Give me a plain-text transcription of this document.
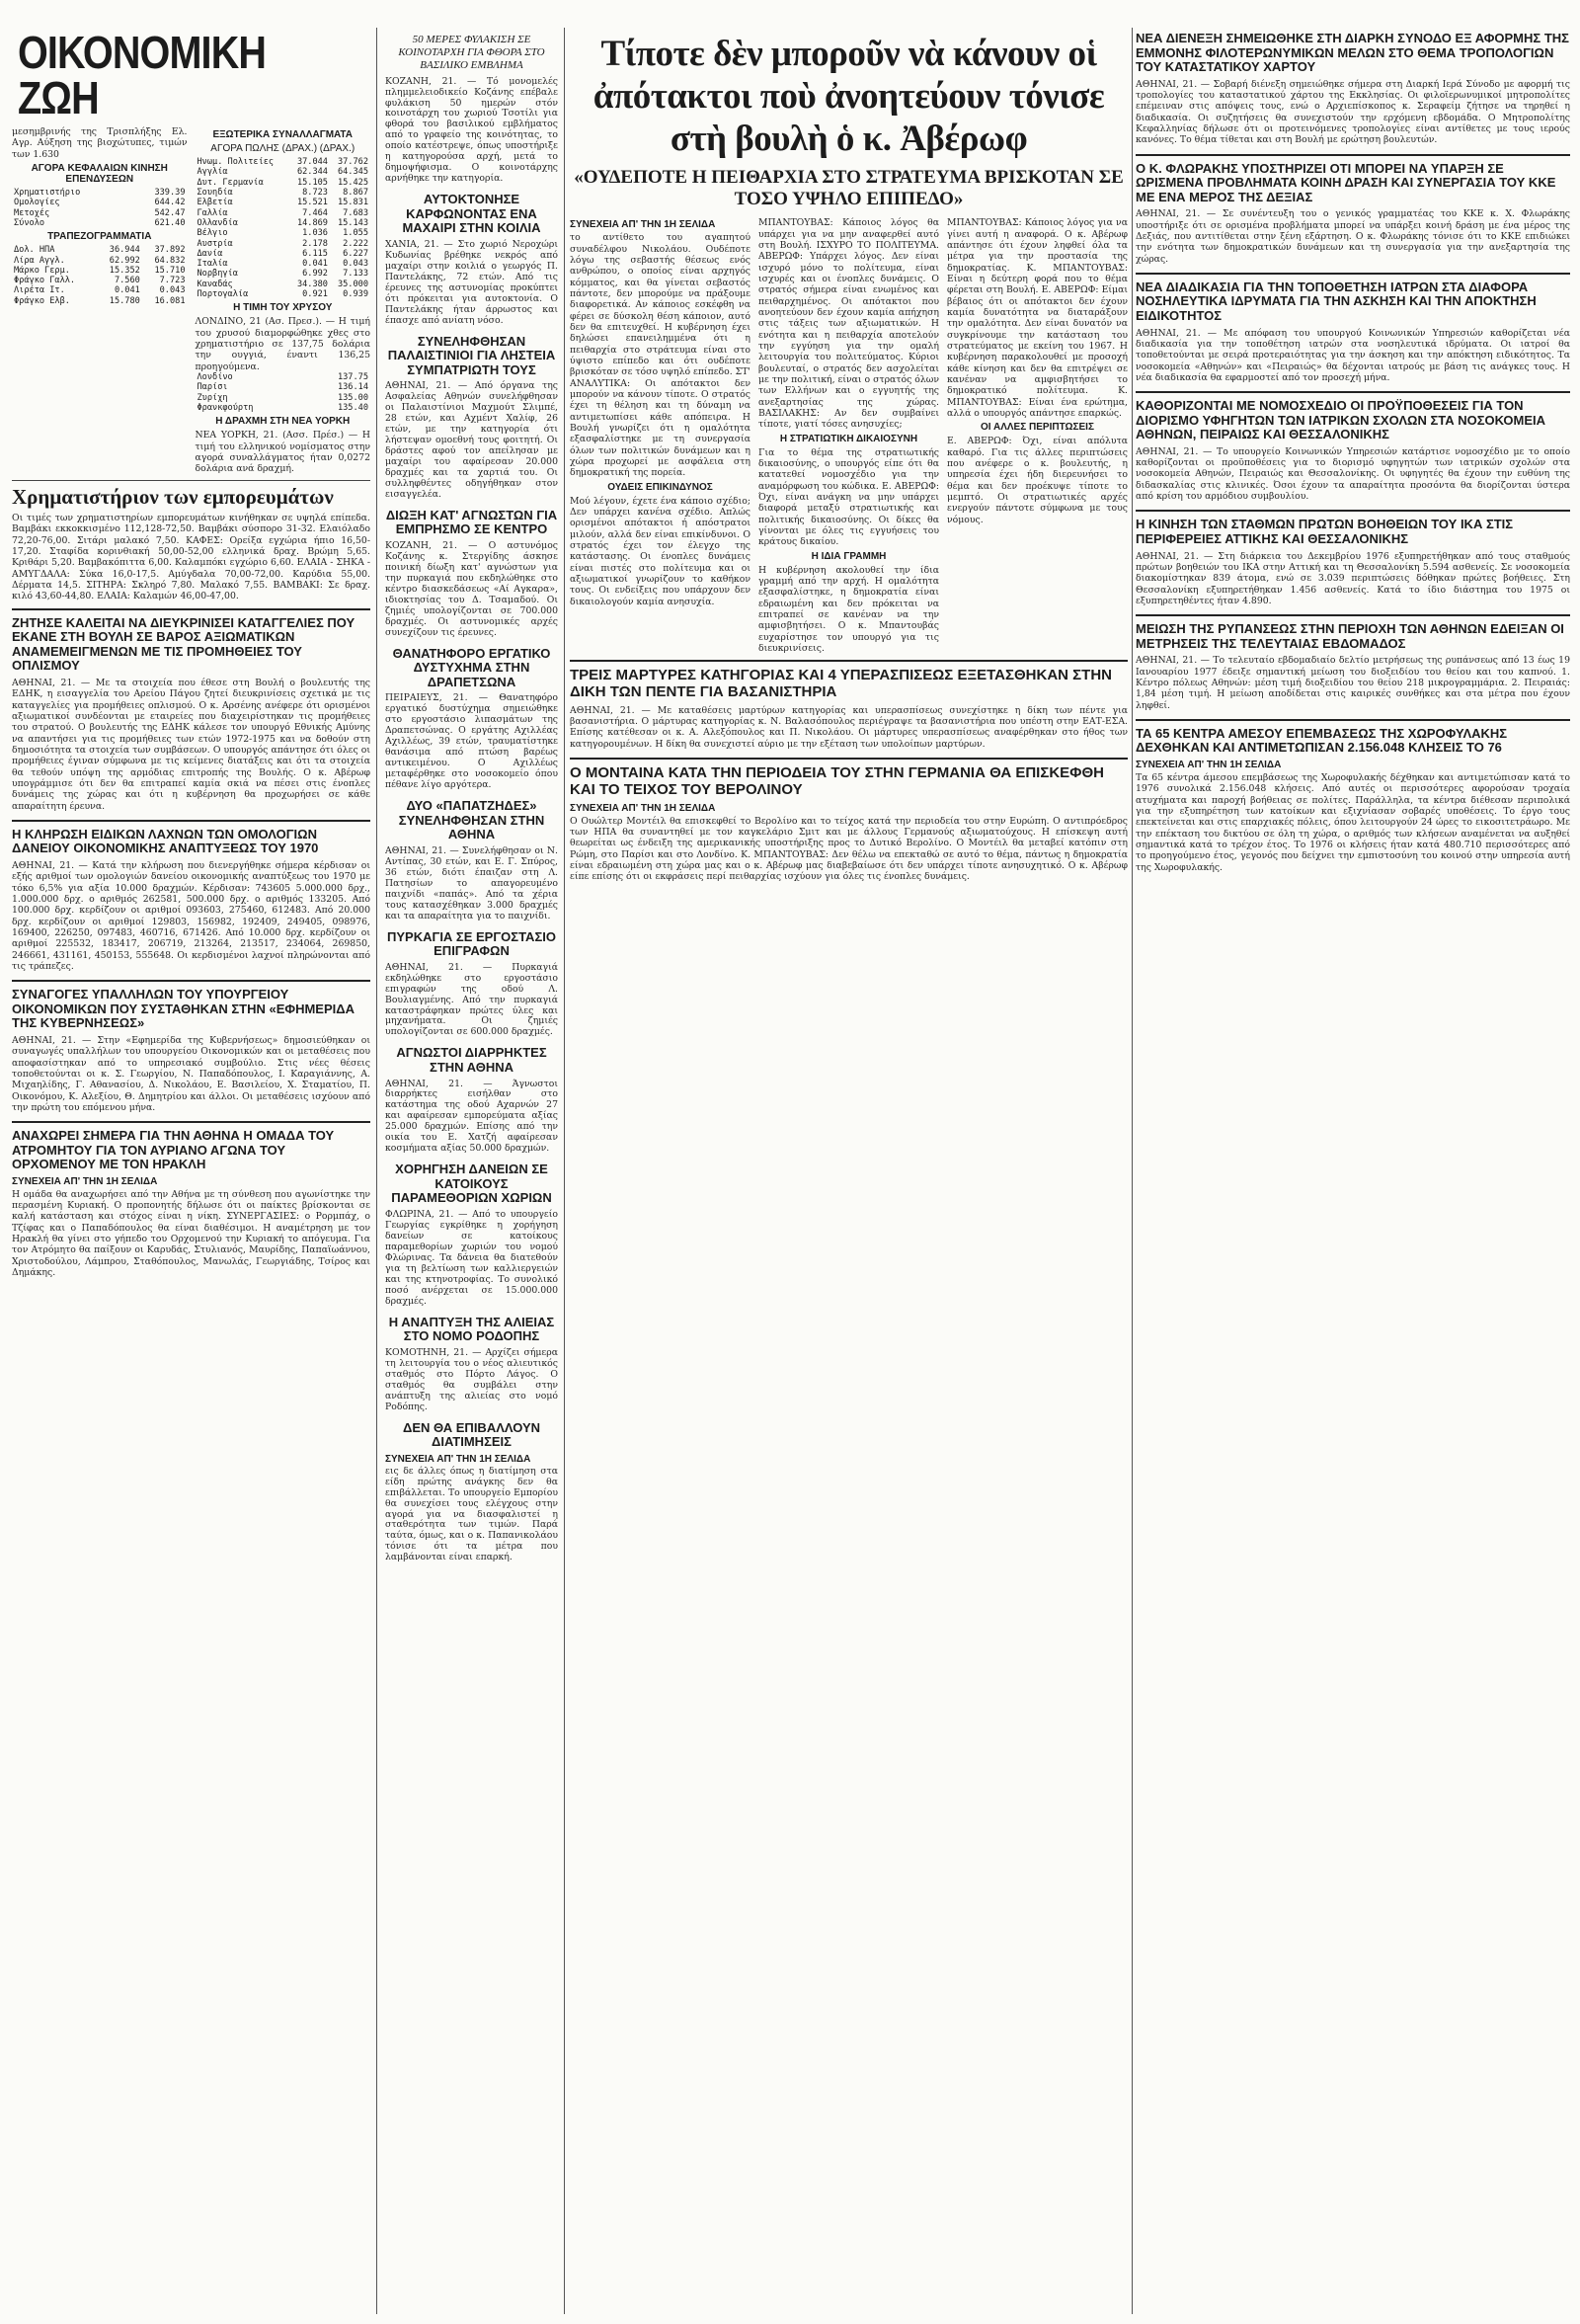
ΟΙΚΟΝΟΜΙΚΗ ΖΩΗ

μεσημβρινής της Τρισπλήξης Ελ. Αγρ. Αύξηση της βιοχώτυπες, τιμών των 1.630

ΑΓΟΡΑ ΚΕΦΑΛΑΙΩΝ ΚΙΝΗΣΗ ΕΠΕΝΔΥΣΕΩΝ
Χρηματιστήριο	339.39
Ομολογίες	644.42
Μετοχές	542.47
Σύνολο	621.40
ΤΡΑΠΕΖΟΓΡΑΜΜΑΤΙΑ
Δολ. ΗΠΑ	36.944	37.892
Λίρα Αγγλ.	62.992	64.832
Μάρκο Γερμ.	15.352	15.710
Φράγκο Γαλλ.	7.560	7.723
Λιρέτα Ιτ.	0.041	0.043
Φράγκο Ελβ.	15.780	16.081
ΕΞΩΤΕΡΙΚΑ ΣΥΝΑΛΛΑΓΜΑΤΑ
ΑΓΟΡΑ ΠΩΛΗΣ (ΔΡΑΧ.) (ΔΡΑΧ.)
Ηνωμ. Πολιτείες	37.044	37.762
Αγγλία	62.344	64.345
Δυτ. Γερμανία	15.105	15.425
Σουηδία	8.723	8.867
Ελβετία	15.521	15.831
Γαλλία	7.464	7.683
Ολλανδία	14.869	15.143
Βέλγιο	1.036	1.055
Αυστρία	2.178	2.222
Δανία	6.115	6.227
Ιταλία	0.041	0.043
Νορβηγία	6.992	7.133
Καναδάς	34.380	35.000
Πορτογαλία	0.921	0.939
Η ΤΙΜΗ ΤΟΥ ΧΡΥΣΟΥ

ΛΟΝΔΙΝΟ, 21 (Ασ. Πρεσ.). — Η τιμή του χρυσού διαμορφώθηκε χθες στο χρηματιστήριο σε 137,75 δολάρια την ουγγιά, έναντι 136,25 προηγούμενα.

Λονδίνο	137.75
Παρίσι	136.14
Ζυρίχη	135.00
Φρανκφούρτη	135.40
Η ΔΡΑΧΜΗ ΣΤΗ ΝΕΑ ΥΟΡΚΗ

ΝΕΑ ΥΟΡΚΗ, 21. (Ασσ. Πρέσ.) — Η τιμή του ελληνικού νομίσματος στην αγορά συναλλάγματος ήταν 0,0272 δολάρια ανά δραχμή.

Χρηματιστήριον των εμπορευμάτων

Οι τιμές των χρηματιστηρίων εμπορευμάτων κινήθηκαν σε υψηλά επίπεδα. Βαμβάκι εκκοκκισμένο 112,128-72,50. Βαμβάκι σύσπορο 31-32. Ελαιόλαδο 72,20-76,00. Σιτάρι μαλακό 7,50. ΚΑΦΕΣ: Ορείξα εγχώρια ήπιο 16,50-17,20. Σταφίδα κορινθιακή 50,00-52,00 ελληνικά δραχ. Βρώμη 5,65. Κριθάρι 5,20. Βαμβακόπιττα 6,00. Καλαμπόκι εγχώριο 6,60. ΕΛΑΙΑ - ΣΗΚΑ - ΑΜΥΓΔΑΛΑ: Σύκα 16,0-17,5. Αμύγδαλα 70,00-72,00. Καρύδια 55,00. Δέρματα 14,5. ΣΙΤΗΡΑ: Σκληρό 7,80. Μαλακό 7,55. ΒΑΜΒΑΚΙ: Σε δραχ. κιλό 43,60-44,80. ΕΛΑΙΑ: Καλαμών 46,00-47,00.

ΖΗΤΗΣΕ ΚΑΛΕΙΤΑΙ ΝΑ ΔΙΕΥΚΡΙΝΙΣΕΙ ΚΑΤΑΓΓΕΛΙΕΣ ΠΟΥ ΕΚΑΝΕ ΣΤΗ ΒΟΥΛΗ ΣΕ ΒΑΡΟΣ ΑΞΙΩΜΑΤΙΚΩΝ ΑΝΑΜΕΜΕΙΓΜΕΝΩΝ ΜΕ ΤΙΣ ΠΡΟΜΗΘΕΙΕΣ ΤΟΥ ΟΠΛΙΣΜΟΥ

ΑΘΗΝΑΙ, 21. — Με τα στοιχεία που έθεσε στη Βουλή ο βουλευτής της ΕΔΗΚ, η εισαγγελία του Αρείου Πάγου ζητεί διευκρινίσεις σχετικά με τις καταγγελίες για προμήθειες οπλισμού. Ο κ. Αρσένης ανέφερε ότι ορισμένοι αξιωματικοί συνδέονται με εταιρείες που διαχειρίστηκαν τις προμήθειες του στρατού. Ο βουλευτής της ΕΔΗΚ κάλεσε τον υπουργό Εθνικής Αμύνης να απαντήσει για τις προμήθειες των ετών 1972-1975 και να δοθούν στη δημοσιότητα τα στοιχεία των συμβάσεων. Ο υπουργός απάντησε ότι όλες οι προμήθειες έγιναν σύμφωνα με τις κείμενες διατάξεις και ότι τα στοιχεία θα τεθούν υπόψη της αρμόδιας επιτροπής της Βουλής. Ο κ. Αβέρωφ υπογράμμισε ότι δεν θα επιτραπεί καμία σκιά να πέσει στις ένοπλες δυνάμεις της χώρας και ότι η κυβέρνηση θα προχωρήσει σε κάθε απαραίτητη έρευνα.

Η ΚΛΗΡΩΣΗ ΕΙΔΙΚΩΝ ΛΑΧΝΩΝ ΤΩΝ ΟΜΟΛΟΓΙΩΝ ΔΑΝΕΙΟΥ ΟΙΚΟΝΟΜΙΚΗΣ ΑΝΑΠΤΥΞΕΩΣ ΤΟΥ 1970

ΑΘΗΝΑΙ, 21. — Κατά την κλήρωση που διενεργήθηκε σήμερα κέρδισαν οι εξής αριθμοί των ομολογιών δανείου οικονομικής αναπτύξεως του 1970 με τόκο 6,5% για αξία 10.000 δραχμών. Κέρδισαν: 743605 5.000.000 δρχ., 1.000.000 δρχ. ο αριθμός 262581, 500.000 δρχ. ο αριθμός 133205. Από 100.000 δρχ. κερδίζουν οι αριθμοί 093603, 275460, 612483. Από 20.000 δρχ. κερδίζουν οι αριθμοί 129803, 156982, 192409, 249405, 098976, 169400, 226250, 097483, 460716, 671426. Από 10.000 δρχ. κερδίζουν οι αριθμοί 225532, 183417, 206719, 213264, 213517, 234064, 269850, 246661, 431161, 450153, 555648. Οι κερδισμένοι λαχνοί πληρώνονται από τις τράπεζες.

ΣΥΝΑΓΟΓΕΣ ΥΠΑΛΛΗΛΩΝ ΤΟΥ ΥΠΟΥΡΓΕΙΟΥ ΟΙΚΟΝΟΜΙΚΩΝ ΠΟΥ ΣΥΣΤΑΘΗΚΑΝ ΣΤΗΝ «ΕΦΗΜΕΡΙΔΑ ΤΗΣ ΚΥΒΕΡΝΗΣΕΩΣ»

ΑΘΗΝΑΙ, 21. — Στην «Εφημερίδα της Κυβερνήσεως» δημοσιεύθηκαν οι συναγωγές υπαλλήλων του υπουργείου Οικονομικών και οι μεταθέσεις που αποφασίστηκαν από το υπηρεσιακό συμβούλιο. Στις νέες θέσεις τοποθετούνται οι κ. Σ. Γεωργίου, Ν. Παπαδόπουλος, Ι. Καραγιάννης, Α. Μιχαηλίδης, Γ. Αθανασίου, Δ. Νικολάου, Ε. Βασιλείου, Χ. Σταματίου, Π. Οικονόμου, Κ. Αλεξίου, Θ. Δημητρίου και άλλοι. Οι μεταθέσεις ισχύουν από την πρώτη του επόμενου μήνα.

ΑΝΑΧΩΡΕΙ ΣΗΜΕΡΑ ΓΙΑ ΤΗΝ ΑΘΗΝΑ Η ΟΜΑΔΑ ΤΟΥ ΑΤΡΟΜΗΤΟΥ ΓΙΑ ΤΟΝ ΑΥΡΙΑΝΟ ΑΓΩΝΑ ΤΟΥ ΟΡΧΟΜΕΝΟΥ ΜΕ ΤΟΝ ΗΡΑΚΛΗ
ΣΥΝΕΧΕΙΑ ΑΠ' ΤΗΝ 1Η ΣΕΛΙΔΑ

Η ομάδα θα αναχωρήσει από την Αθήνα με τη σύνθεση που αγωνίστηκε την περασμένη Κυριακή. Ο προπονητής δήλωσε ότι οι παίκτες βρίσκονται σε καλή κατάσταση και στόχος είναι η νίκη. ΣΥΝΕΡΓΑΣΙΕΣ: ο Ρορμπάχ, ο Τζίφας και ο Παπαδόπουλος θα είναι διαθέσιμοι. Η αναμέτρηση με τον Ηρακλή θα γίνει στο γήπεδο του Ορχομενού την Κυριακή το απόγευμα. Για τον Ατρόμητο θα παίξουν οι Καρυδάς, Στυλιανός, Μαυρίδης, Παπαϊωάννου, Χριστοδούλου, Λάμπρου, Σταθόπουλος, Μανωλάς, Γεωργιάδης, Τσίρος και Δημάκης.

50 ΜΕΡΕΣ ΦΥΛΑΚΙΣΗ ΣΕ ΚΟΙΝΟΤΑΡΧΗ ΓΙΑ ΦΘΟΡΑ ΣΤΟ ΒΑΣΙΛΙΚΟ ΕΜΒΛΗΜΑ

ΚΟΖΑΝΗ, 21. — Τό μονομελές πλημμελειοδικείο Κοζάνης επέβαλε φυλάκιση 50 ημερών στόν κοινοτάρχη του χωριού Τσοτίλι για φθορά του βασιλικού εμβλήματος από το γραφείο της κοινότητας, το οποίο κατέστρεψε, όπως υποστήριξε η κατηγορούσα αρχή, μετά το δημοψήφισμα. Ο κοινοτάρχης αρνήθηκε την κατηγορία.

ΑΥΤΟΚΤΟΝΗΣΕ ΚΑΡΦΩΝΟΝΤΑΣ ΕΝΑ ΜΑΧΑΙΡΙ ΣΤΗΝ ΚΟΙΛΙΑ

ΧΑΝΙΑ, 21. — Στο χωριό Νεροχώρι Κυδωνίας βρέθηκε νεκρός από μαχαίρι στην κοιλιά ο γεωργός Π. Παντελάκης, 72 ετών. Από τις έρευνες της αστυνομίας προκύπτει ότι πρόκειται για αυτοκτονία. Ο Παντελάκης ήταν άρρωστος και έπασχε από ανίατη νόσο.

ΣΥΝΕΛΗΦΘΗΣΑΝ ΠΑΛΑΙΣΤΙΝΙΟΙ ΓΙΑ ΛΗΣΤΕΙΑ ΣΥΜΠΑΤΡΙΩΤΗ ΤΟΥΣ

ΑΘΗΝΑΙ, 21. — Από όργανα της Ασφαλείας Αθηνών συνελήφθησαν οι Παλαιστίνιοι Μαχμούτ Σλιμπέ, 28 ετών, και Αχμέντ Χαλίφ, 26 ετών, με την κατηγορία ότι λήστεψαν ομοεθνή τους φοιτητή. Οι δράστες αφού τον απείλησαν με μαχαίρι του αφαίρεσαν 20.000 δραχμές και τα χαρτιά του. Οι συλληφθέντες οδηγήθηκαν στον εισαγγελέα.

ΔΙΩΞΗ ΚΑΤ' ΑΓΝΩΣΤΩΝ ΓΙΑ ΕΜΠΡΗΣΜΟ ΣΕ ΚΕΝΤΡΟ

ΚΟΖΑΝΗ, 21. — Ο αστυνόμος Κοζάνης κ. Στεργίδης άσκησε ποινική δίωξη κατ' αγνώστων για την πυρκαγιά που εκδηλώθηκε στο κέντρο διασκεδάσεως «Αί Αγκαρα», ιδιοκτησίας του Δ. Τσαμαδού. Οι ζημιές υπολογίζονται σε 700.000 δραχμές. Οι αστυνομικές αρχές συνεχίζουν τις έρευνες.

ΘΑΝΑΤΗΦΟΡΟ ΕΡΓΑΤΙΚΟ ΔΥΣΤΥΧΗΜΑ ΣΤΗΝ ΔΡΑΠΕΤΣΩΝΑ

ΠΕΙΡΑΙΕΥΣ, 21. — Θανατηφόρο εργατικό δυστύχημα σημειώθηκε στο εργοστάσιο λιπασμάτων της Δραπετσώνας. Ο εργάτης Αχιλλέας Αχιλλέως, 39 ετών, τραυματίστηκε θανάσιμα από πτώση βαρέως αντικειμένου. Ο Αχιλλέως μεταφέρθηκε στο νοσοκομείο όπου πέθανε λίγο αργότερα.

ΔΥΟ «ΠΑΠΑΤΖΗΔΕΣ» ΣΥΝΕΛΗΦΘΗΣΑΝ ΣΤΗΝ ΑΘΗΝΑ

ΑΘΗΝΑΙ, 21. — Συνελήφθησαν οι Ν. Αντίπας, 30 ετών, και Ε. Γ. Σπύρος, 36 ετών, διότι έπαιζαν στη Λ. Πατησίων το απαγορευμένο παιχνίδι «παπάς». Από τα χέρια τους κατασχέθηκαν 3.000 δραχμές και τα απαραίτητα για το παιχνίδι.

ΠΥΡΚΑΓΙΑ ΣΕ ΕΡΓΟΣΤΑΣΙΟ ΕΠΙΓΡΑΦΩΝ

ΑΘΗΝΑΙ, 21. — Πυρκαγιά εκδηλώθηκε στο εργοστάσιο επιγραφών της οδού Λ. Βουλιαγμένης. Από την πυρκαγιά καταστράφηκαν πρώτες ύλες και μηχανήματα. Οι ζημιές υπολογίζονται σε 600.000 δραχμές.

ΑΓΝΩΣΤΟΙ ΔΙΑΡΡΗΚΤΕΣ ΣΤΗΝ ΑΘΗΝΑ

ΑΘΗΝΑΙ, 21. — Άγνωστοι διαρρήκτες εισήλθαν στο κατάστημα της οδού Αχαρνών 27 και αφαίρεσαν εμπορεύματα αξίας 25.000 δραχμών. Επίσης από την οικία του Ε. Χατζή αφαίρεσαν κοσμήματα αξίας 50.000 δραχμών.

ΧΟΡΗΓΗΣΗ ΔΑΝΕΙΩΝ ΣΕ ΚΑΤΟΙΚΟΥΣ ΠΑΡΑΜΕΘΟΡΙΩΝ ΧΩΡΙΩΝ

ΦΛΩΡΙΝΑ, 21. — Από το υπουργείο Γεωργίας εγκρίθηκε η χορήγηση δανείων σε κατοίκους παραμεθορίων χωριών του νομού Φλώρινας. Τα δάνεια θα διατεθούν για τη βελτίωση των καλλιεργειών και της κτηνοτροφίας. Το συνολικό ποσό ανέρχεται σε 15.000.000 δραχμές.

Η ΑΝΑΠΤΥΞΗ ΤΗΣ ΑΛΙΕΙΑΣ ΣΤΟ ΝΟΜΟ ΡΟΔΟΠΗΣ

ΚΟΜΟΤΗΝΗ, 21. — Αρχίζει σήμερα τη λειτουργία του ο νέος αλιευτικός σταθμός στο Πόρτο Λάγος. Ο σταθμός θα συμβάλει στην ανάπτυξη της αλιείας στο νομό Ροδόπης.

ΔΕΝ ΘΑ ΕΠΙΒΑΛΛΟΥΝ ΔΙΑΤΙΜΗΣΕΙΣ
ΣΥΝΕΧΕΙΑ ΑΠ' ΤΗΝ 1Η ΣΕΛΙΔΑ

εις δε άλλες όπως η διατίμηση στα είδη πρώτης ανάγκης δεν θα επιβάλλεται. Το υπουργείο Εμπορίου θα συνεχίσει τους ελέγχους στην αγορά για να διασφαλιστεί η σταθερότητα των τιμών. Παρά ταύτα, όμως, και ο κ. Παπανικολάου τόνισε ότι τα μέτρα που λαμβάνονται είναι επαρκή.

Τίποτε δὲν μποροῦν νὰ κάνουν οἱ ἀπότακτοι ποὺ ἀνοητεύουν τόνισε στὴ βουλὴ ὁ κ. Ἀβέρωφ
«ΟΥΔΕΠΟΤΕ Η ΠΕΙΘΑΡΧΙΑ ΣΤΟ ΣΤΡΑΤΕΥΜΑ ΒΡΙΣΚΟΤΑΝ ΣΕ ΤΟΣΟ ΥΨΗΛΟ ΕΠΙΠΕΔΟ»
ΣΥΝΕΧΕΙΑ ΑΠ' ΤΗΝ 1Η ΣΕΛΙΔΑ

το αντίθετο του αγαπητού συναδέλφου Νικολάου. Ουδέποτε λόγω της σεβαστής θέσεως ενός ανθρώπου, ο οποίος είναι αρχηγός κόμματος, και θα γίνεται σεβαστός πάντοτε, δεν μπορούμε να πράξουμε διαφορετικά. Αν κάποιος εσκέφθη να φέρει σε δύσκολη θέση κάποιον, αυτό δεν θα επιτευχθεί. Η κυβέρνηση έχει δηλώσει επανειλημμένα ότι η πειθαρχία στο στράτευμα είναι στο ύψιστο επίπεδο και ότι ουδέποτε βρισκόταν σε τόσο υψηλό επίπεδο. ΣΤ' ΑΝΑΛΥΤΙΚΑ: Οι απότακτοι δεν μπορούν να κάνουν τίποτε. Ο στρατός έχει τη θέληση και τη δύναμη να αντιμετωπίσει κάθε απόπειρα. Η Βουλή γνωρίζει ότι η ομαλότητα εξασφαλίστηκε με τη συνεργασία όλων των πολιτικών δυνάμεων και η χώρα προχωρεί με ασφάλεια στη δημοκρατική της πορεία.

ΟΥΔΕΙΣ ΕΠΙΚΙΝΔΥΝΟΣ

Μού λέγουν, έχετε ένα κάποιο σχέδιο; Δεν υπάρχει κανένα σχέδιο. Απλώς ορισμένοι απότακτοι ή απόστρατοι μιλούν, αλλά δεν είναι επικίνδυνοι. Ο στρατός έχει τον έλεγχο της κατάστασης. Οι ένοπλες δυνάμεις είναι πιστές στο πολίτευμα και οι αξιωματικοί γνωρίζουν το καθήκον τους. Οι ενδείξεις που υπάρχουν δεν δικαιολογούν καμία ανησυχία.

ΜΠΑΝΤΟΥΒΑΣ: Κάποιος λόγος θα υπάρχει για να μην αναφερθεί αυτό στη Βουλή. ΙΣΧΥΡΟ ΤΟ ΠΟΛΙΤΕΥΜΑ. ΑΒΕΡΩΦ: Υπάρχει λόγος. Δεν είναι ισχυρό μόνο το πολίτευμα, είναι ισχυρές και οι ένοπλες δυνάμεις. Ο στρατός σήμερα είναι ενωμένος και πειθαρχημένος. Οι απότακτοι που ανοητεύουν δεν έχουν καμία απήχηση στις τάξεις των αξιωματικών. Η ενότητα και η πειθαρχία αποτελούν την εγγύηση για την ομαλή λειτουργία του πολιτεύματος. Κύριοι βουλευταί, ο στρατός δεν ασχολείται με την πολιτική, είναι ο στρατός όλων των Ελλήνων και ο εγγυητής της ανεξαρτησίας της χώρας. ΒΑΣΙΛΑΚΗΣ: Αν δεν συμβαίνει τίποτε, γιατί τόσες ανησυχίες;

Η ΣΤΡΑΤΙΩΤΙΚΗ ΔΙΚΑΙΟΣΥΝΗ

Για το θέμα της στρατιωτικής δικαιοσύνης, ο υπουργός είπε ότι θα κατατεθεί νομοσχέδιο για την αναμόρφωση του κώδικα. Ε. ΑΒΕΡΩΦ: Όχι, είναι ανάγκη να μην υπάρχει διαφορά μεταξύ στρατιωτικής και πολιτικής δικαιοσύνης. Οι δίκες θα γίνονται με όλες τις εγγυήσεις του κράτους δικαίου.

Η ΙΔΙΑ ΓΡΑΜΜΗ

Η κυβέρνηση ακολουθεί την ίδια γραμμή από την αρχή. Η ομαλότητα εξασφαλίστηκε, η δημοκρατία είναι εδραιωμένη και δεν πρόκειται να επιτραπεί σε κανέναν να την αμφισβητήσει. Ο κ. Μπαντουβάς ευχαρίστησε τον υπουργό για τις διευκρινίσεις.

ΜΠΑΝΤΟΥΒΑΣ: Κάποιος λόγος για να γίνει αυτή η αναφορά. Ο κ. Αβέρωφ απάντησε ότι έχουν ληφθεί όλα τα μέτρα για την προστασία της δημοκρατίας. Κ. ΜΠΑΝΤΟΥΒΑΣ: Είναι η δεύτερη φορά που το θέμα φέρεται στη Βουλή. Ε. ΑΒΕΡΩΦ: Είμαι βέβαιος ότι οι απότακτοι δεν έχουν καμία δυνατότητα να διαταράξουν την ομαλότητα. Δεν είναι δυνατόν να συγκρίνουμε την κατάσταση του στρατεύματος με εκείνη του 1967. Η κυβέρνηση παρακολουθεί με προσοχή κάθε κίνηση και δεν θα επιτρέψει σε κανέναν να αμφισβητήσει το δημοκρατικό πολίτευμα. Κ. ΜΠΑΝΤΟΥΒΑΣ: Είναι ένα ερώτημα, αλλά ο υπουργός απάντησε επαρκώς.

ΟΙ ΑΛΛΕΣ ΠΕΡΙΠΤΩΣΕΙΣ

Ε. ΑΒΕΡΩΦ: Όχι, είναι απόλυτα καθαρό. Για τις άλλες περιπτώσεις που ανέφερε ο κ. βουλευτής, η υπηρεσία έχει ήδη διερευνήσει το θέμα και δεν προέκυψε τίποτε το μεμπτό. Οι στρατιωτικές αρχές ενεργούν πάντοτε σύμφωνα με τους νόμους.

ΤΡΕΙΣ ΜΑΡΤΥΡΕΣ ΚΑΤΗΓΟΡΙΑΣ ΚΑΙ 4 ΥΠΕΡΑΣΠΙΣΕΩΣ ΕΞΕΤΑΣΘΗΚΑΝ ΣΤΗΝ ΔΙΚΗ ΤΩΝ ΠΕΝΤΕ ΓΙΑ ΒΑΣΑΝΙΣΤΗΡΙΑ

ΑΘΗΝΑΙ, 21. — Με καταθέσεις μαρτύρων κατηγορίας και υπερασπίσεως συνεχίστηκε η δίκη των πέντε για βασανιστήρια. Ο μάρτυρας κατηγορίας κ. Ν. Βαλασόπουλος περιέγραψε τα βασανιστήρια που υπέστη στην ΕΑΤ-ΕΣΑ. Επίσης κατέθεσαν οι κ. Α. Αλεξόπουλος και Π. Νικολάου. Οι μάρτυρες υπερασπίσεως αναφέρθηκαν στο ήθος των κατηγορουμένων. Η δίκη θα συνεχιστεί αύριο με την εξέταση των υπολοίπων μαρτύρων.

Ο ΜΟΝΤΑΙΝΑ ΚΑΤΑ ΤΗΝ ΠΕΡΙΟΔΕΙΑ ΤΟΥ ΣΤΗΝ ΓΕΡΜΑΝΙΑ ΘΑ ΕΠΙΣΚΕΦΘΗ ΚΑΙ ΤΟ ΤΕΙΧΟΣ ΤΟΥ ΒΕΡΟΛΙΝΟΥ
ΣΥΝΕΧΕΙΑ ΑΠ' ΤΗΝ 1Η ΣΕΛΙΔΑ

Ο Ουώλτερ Μοντέιλ θα επισκεφθεί το Βερολίνο και το τείχος κατά την περιοδεία του στην Ευρώπη. Ο αντιπρόεδρος των ΗΠΑ θα συναντηθεί με τον καγκελάριο Σμιτ και με άλλους Γερμανούς αξιωματούχους. Η επίσκεψη αυτή θεωρείται ως ένδειξη της αμερικανικής υποστήριξης προς το Δυτικό Βερολίνο. Ο Μοντέιλ θα μεταβεί κατόπιν στη Ρώμη, στο Παρίσι και στο Λονδίνο. Κ. ΜΠΑΝΤΟΥΒΑΣ: Δεν θέλω να επεκταθώ σε αυτό το θέμα, πάντως η δημοκρατία είναι εδραιωμένη στη χώρα μας και ο κ. Αβέρωφ μας διαβεβαίωσε ότι δεν υπάρχει τίποτε ανησυχητικό. Ο κ. Αβέρωφ είπε επίσης ότι οι εκφράσεις περί πειθαρχίας ισχύουν για όλες τις ένοπλες δυνάμεις.

ΝΕΑ ΔΙΕΝΕΞΗ ΣΗΜΕΙΩΘΗΚΕ ΣΤΗ ΔΙΑΡΚΗ ΣΥΝΟΔΟ ΕΞ ΑΦΟΡΜΗΣ ΤΗΣ ΕΜΜΟΝΗΣ ΦΙΛΟΤΕΡΩΝΥΜΙΚΩΝ ΜΕΛΩΝ ΣΤΟ ΘΕΜΑ ΤΡΟΠΟΛΟΓΙΩΝ ΤΟΥ ΚΑΤΑΣΤΑΤΙΚΟΥ ΧΑΡΤΟΥ

ΑΘΗΝΑΙ, 21. — Σοβαρή διένεξη σημειώθηκε σήμερα στη Διαρκή Ιερά Σύνοδο με αφορμή τις τροπολογίες του καταστατικού χάρτου της Εκκλησίας. Οι φιλοϊερωνυμικοί μητροπολίτες επέμειναν στις απόψεις τους, ενώ ο Αρχιεπίσκοπος κ. Σεραφείμ ζήτησε να τηρηθεί η διαδικασία. Οι συζητήσεις θα συνεχιστούν την ερχόμενη εβδομάδα. Ο Μητροπολίτης Κεφαλληνίας δήλωσε ότι οι προτεινόμενες τροπολογίες είναι αντίθετες με τους ιερούς κανόνες. Το θέμα τίθεται και στη Βουλή με ερώτηση βουλευτών.

Ο Κ. ΦΛΩΡΑΚΗΣ ΥΠΟΣΤΗΡΙΖΕΙ ΟΤΙ ΜΠΟΡΕΙ ΝΑ ΥΠΑΡΞΗ ΣΕ ΩΡΙΣΜΕΝΑ ΠΡΟΒΛΗΜΑΤΑ ΚΟΙΝΗ ΔΡΑΣΗ ΚΑΙ ΣΥΝΕΡΓΑΣΙΑ ΤΟΥ ΚΚΕ ΜΕ ΕΝΑ ΜΕΡΟΣ ΤΗΣ ΔΕΞΙΑΣ

ΑΘΗΝΑΙ, 21. — Σε συνέντευξη του ο γενικός γραμματέας του ΚΚΕ κ. Χ. Φλωράκης υποστήριξε ότι σε ορισμένα προβλήματα μπορεί να υπάρξει κοινή δράση με ένα μέρος της Δεξιάς, που αντιτίθεται στην ξένη εξάρτηση. Ο κ. Φλωράκης τόνισε ότι το ΚΚΕ επιδιώκει την ενότητα των δημοκρατικών δυνάμεων και τη συνεργασία για την ανεξαρτησία της χώρας.

ΝΕΑ ΔΙΑΔΙΚΑΣΙΑ ΓΙΑ ΤΗΝ ΤΟΠΟΘΕΤΗΣΗ ΙΑΤΡΩΝ ΣΤΑ ΔΙΑΦΟΡΑ ΝΟΣΗΛΕΥΤΙΚΑ ΙΔΡΥΜΑΤΑ ΓΙΑ ΤΗΝ ΑΣΚΗΣΗ ΚΑΙ ΤΗΝ ΑΠΟΚΤΗΣΗ ΕΙΔΙΚΟΤΗΤΟΣ

ΑΘΗΝΑΙ, 21. — Με απόφαση του υπουργού Κοινωνικών Υπηρεσιών καθορίζεται νέα διαδικασία για την τοποθέτηση ιατρών στα νοσηλευτικά ιδρύματα. Οι ιατροί θα τοποθετούνται με σειρά προτεραιότητας για την άσκηση και την απόκτηση ειδικότητος. Τα νοσοκομεία «Αθηνών» και «Πειραιώς» θα δέχονται ιατρούς με βάση τις ανάγκες τους. Η νέα διαδικασία θα εφαρμοστεί από τον προσεχή μήνα.

ΚΑΘΟΡΙΖΟΝΤΑΙ ΜΕ ΝΟΜΟΣΧΕΔΙΟ ΟΙ ΠΡΟΫΠΟΘΕΣΕΙΣ ΓΙΑ ΤΟΝ ΔΙΟΡΙΣΜΟ ΥΦΗΓΗΤΩΝ ΤΩΝ ΙΑΤΡΙΚΩΝ ΣΧΟΛΩΝ ΣΤΑ ΝΟΣΟΚΟΜΕΙΑ ΑΘΗΝΩΝ, ΠΕΙΡΑΙΩΣ ΚΑΙ ΘΕΣΣΑΛΟΝΙΚΗΣ

ΑΘΗΝΑΙ, 21. — Το υπουργείο Κοινωνικών Υπηρεσιών κατάρτισε νομοσχέδιο με το οποίο καθορίζονται οι προϋποθέσεις για το διορισμό υφηγητών των ιατρικών σχολών στα νοσοκομεία Αθηνών, Πειραιώς και Θεσσαλονίκης. Οι υφηγητές θα έχουν την ευθύνη της διδασκαλίας στις κλινικές. Όσοι έχουν τα απαραίτητα προσόντα θα διορίζονται ύστερα από κρίση του αρμόδιου συμβουλίου.

Η ΚΙΝΗΣΗ ΤΩΝ ΣΤΑΘΜΩΝ ΠΡΩΤΩΝ ΒΟΗΘΕΙΩΝ ΤΟΥ ΙΚΑ ΣΤΙΣ ΠΕΡΙΦΕΡΕΙΕΣ ΑΤΤΙΚΗΣ ΚΑΙ ΘΕΣΣΑΛΟΝΙΚΗΣ

ΑΘΗΝΑΙ, 21. — Στη διάρκεια του Δεκεμβρίου 1976 εξυπηρετήθηκαν από τους σταθμούς πρώτων βοηθειών του ΙΚΑ στην Αττική και τη Θεσσαλονίκη 5.594 ασθενείς. Σε νοσοκομεία διακομίστηκαν 839 άτομα, ενώ σε 3.039 περιπτώσεις δόθηκαν πρώτες βοήθειες. Στη Θεσσαλονίκη εξυπηρετήθηκαν 1.456 ασθενείς. Κατά το ίδιο διάστημα του 1975 οι εξυπηρετηθέντες ήταν 4.890.

ΜΕΙΩΣΗ ΤΗΣ ΡΥΠΑΝΣΕΩΣ ΣΤΗΝ ΠΕΡΙΟΧΗ ΤΩΝ ΑΘΗΝΩΝ ΕΔΕΙΞΑΝ ΟΙ ΜΕΤΡΗΣΕΙΣ ΤΗΣ ΤΕΛΕΥΤΑΙΑΣ ΕΒΔΟΜΑΔΟΣ

ΑΘΗΝΑΙ, 21. — Το τελευταίο εβδομαδιαίο δελτίο μετρήσεως της ρυπάνσεως από 13 έως 19 Ιανουαρίου 1977 έδειξε σημαντική μείωση του διοξειδίου του θείου και του καπνού. 1. Κέντρο πόλεως Αθηνών: μέση τιμή διοξειδίου του θείου 218 μικρογραμμάρια. 2. Πειραιάς: 1,84 μέση τιμή. Η μείωση αποδίδεται στις καιρικές συνθήκες και στα μέτρα που έχουν ληφθεί.

ΤΑ 65 ΚΕΝΤΡΑ ΑΜΕΣΟΥ ΕΠΕΜΒΑΣΕΩΣ ΤΗΣ ΧΩΡΟΦΥΛΑΚΗΣ ΔΕΧΘΗΚΑΝ ΚΑΙ ΑΝΤΙΜΕΤΩΠΙΣΑΝ 2.156.048 ΚΛΗΣΕΙΣ ΤΟ 76
ΣΥΝΕΧΕΙΑ ΑΠ' ΤΗΝ 1Η ΣΕΛΙΔΑ

Τα 65 κέντρα άμεσου επεμβάσεως της Χωροφυλακής δέχθηκαν και αντιμετώπισαν κατά το 1976 συνολικά 2.156.048 κλήσεις. Από αυτές οι περισσότερες αφορούσαν τροχαία ατυχήματα και παροχή βοήθειας σε πολίτες. Παράλληλα, τα κέντρα διέθεσαν περιπολικά για την εξυπηρέτηση των κατοίκων και εξιχνίασαν σοβαρές υποθέσεις. Το έργο τους επεκτείνεται και στις επαρχιακές πόλεις, όπου λειτουργούν 24 ώρες το εικοσιτετράωρο. Με την επέκταση του δικτύου σε όλη τη χώρα, ο αριθμός των κλήσεων αναμένεται να αυξηθεί σημαντικά κατά το τρέχον έτος. Το 1976 οι κλήσεις ήταν κατά 480.710 περισσότερες από το προηγούμενο έτος, γεγονός που δείχνει την εμπιστοσύνη του κοινού στην υπηρεσία αυτή της Χωροφυλακής.
